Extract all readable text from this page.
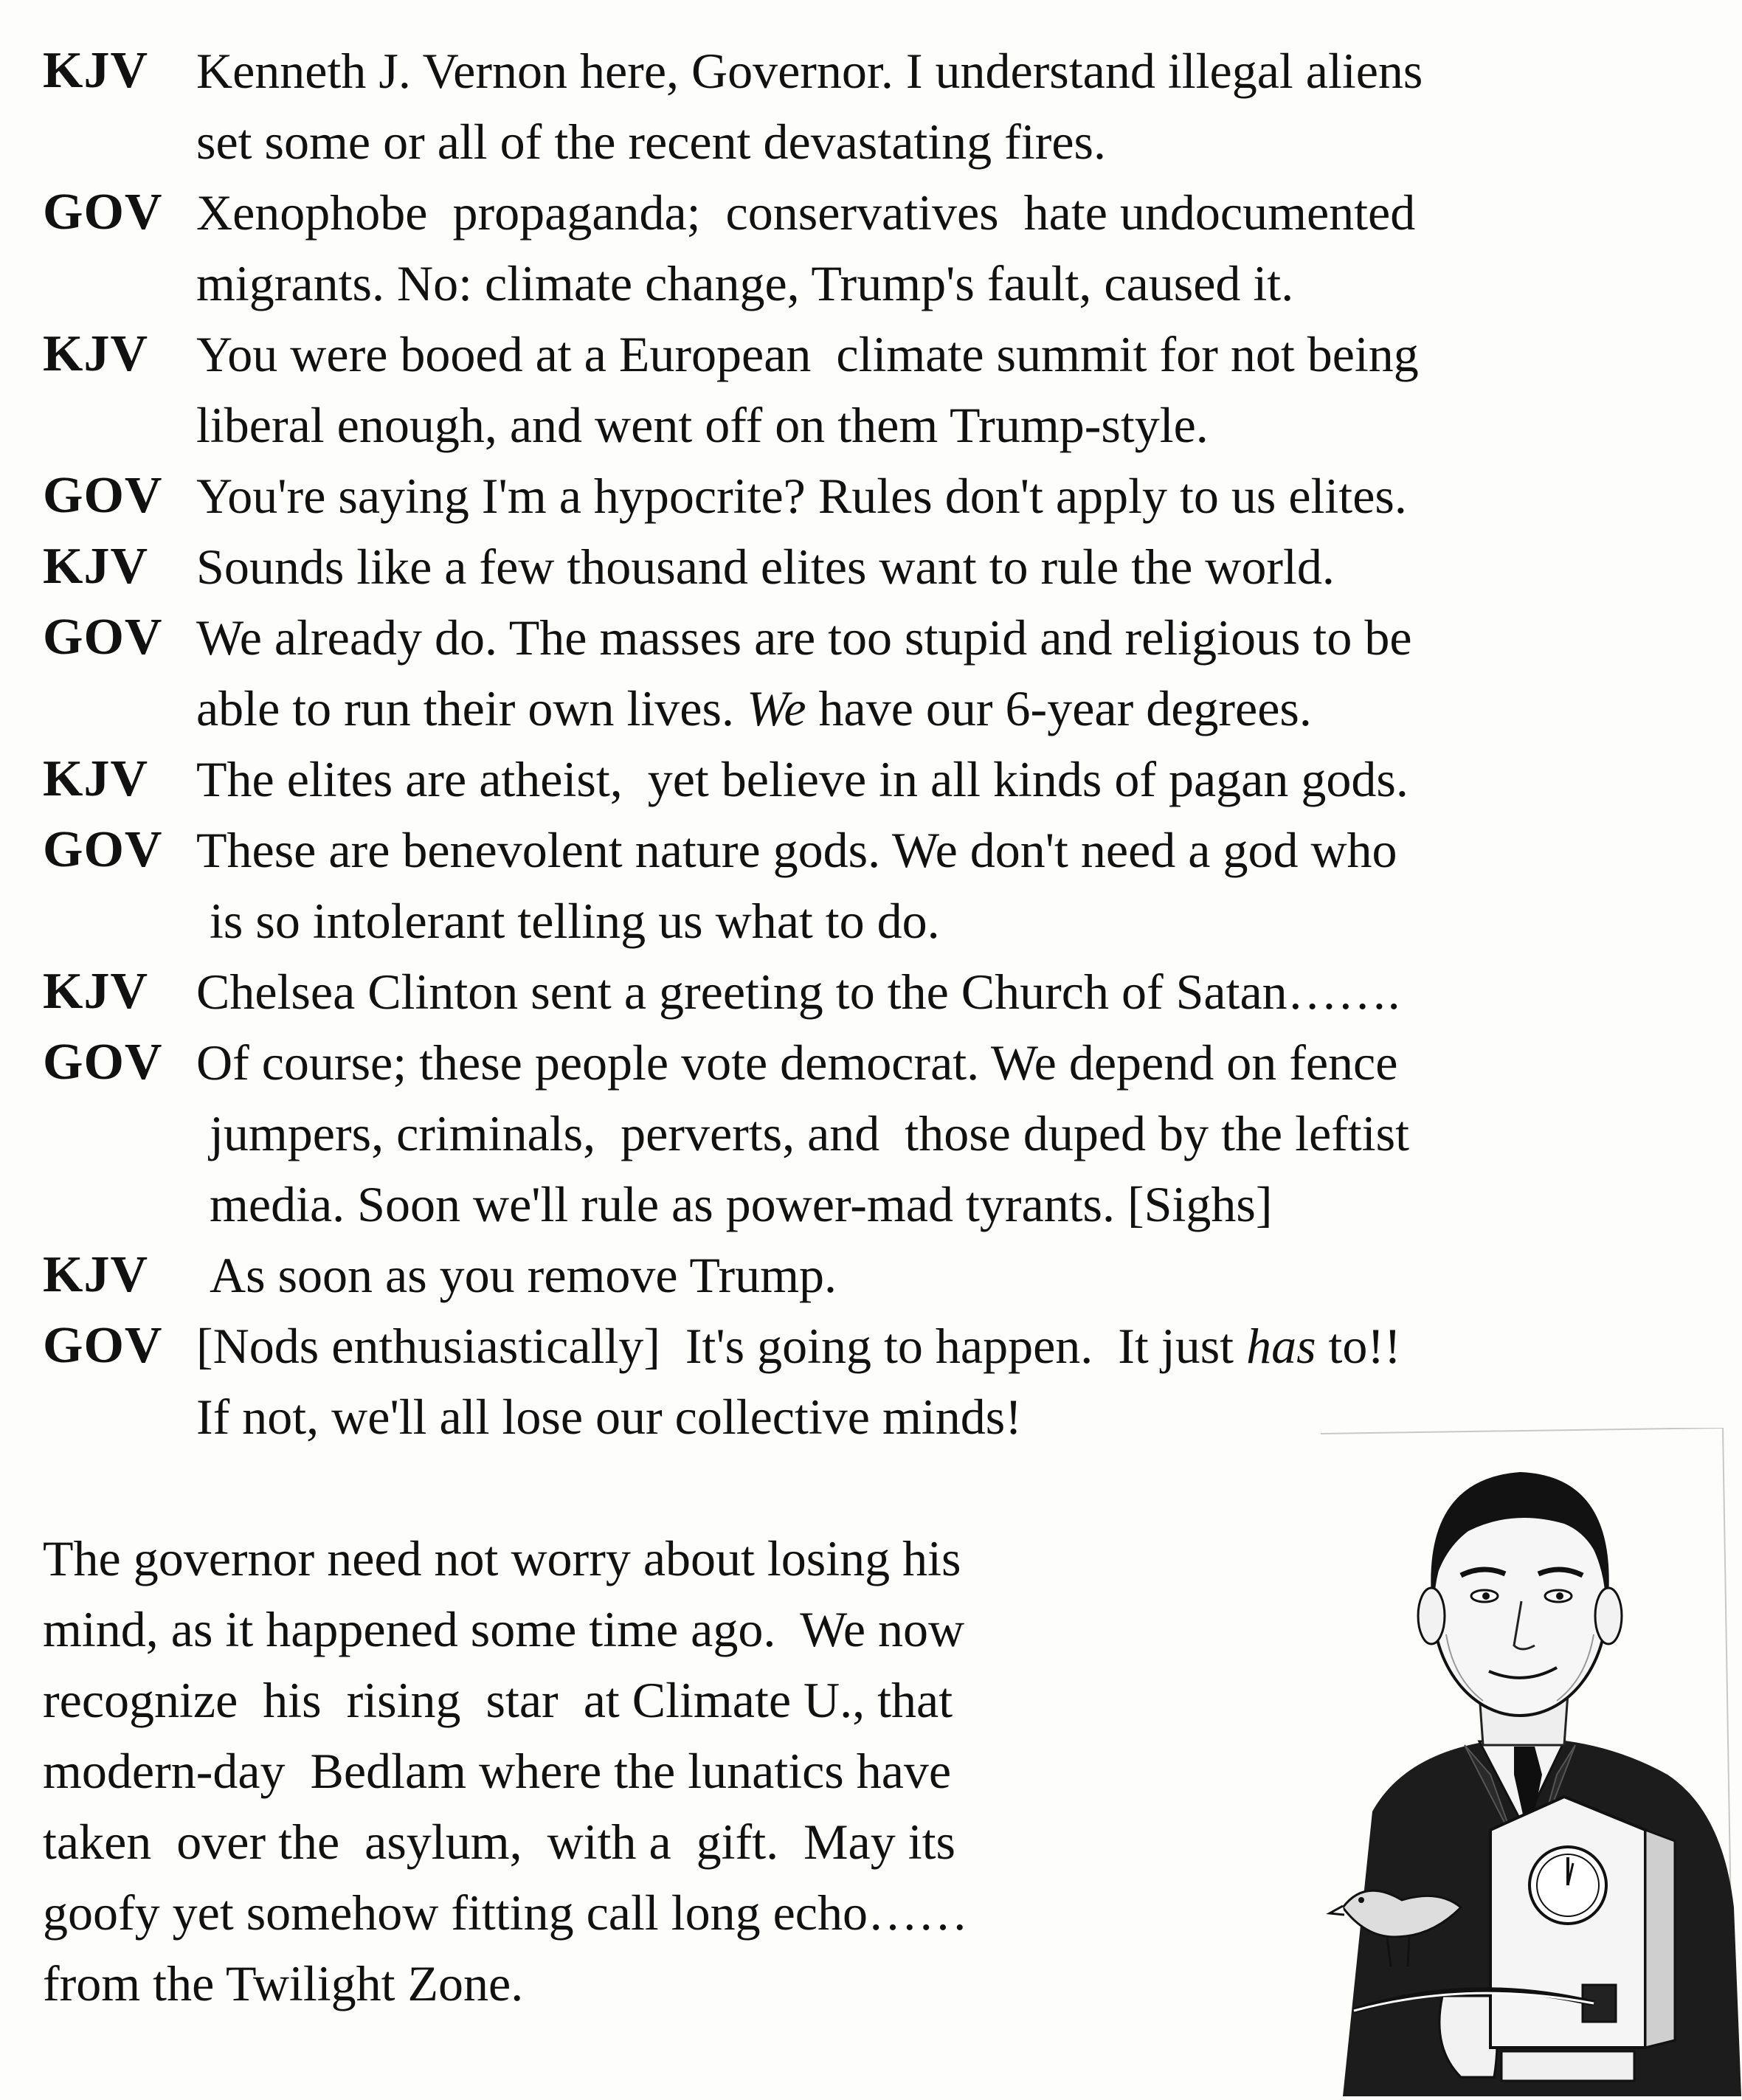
KJV Kenneth J. Vernon here, Governor. I understand illegal aliens
set some or all of the recent devastating fires.
GOV Xenophobe  propaganda;  conservatives  hate undocumented
migrants. No: climate change, Trump's fault, caused it.
KJV You were booed at a European  climate summit for not being
liberal enough, and went off on them Trump-style.
GOV You're saying I'm a hypocrite? Rules don't apply to us elites.
KJV Sounds like a few thousand elites want to rule the world.
GOV We already do. The masses are too stupid and religious to be
able to run their own lives. We have our 6-year degrees.
KJV The elites are atheist,  yet believe in all kinds of pagan gods.
GOV These are benevolent nature gods. We don't need a god who
is so intolerant telling us what to do.
KJV Chelsea Clinton sent a greeting to the Church of Satan…….
GOV Of course; these people vote democrat. We depend on fence
jumpers, criminals,  perverts, and  those duped by the leftist
media. Soon we'll rule as power-mad tyrants. [Sighs]
KJV	As soon as you remove Trump.
GOV [Nods enthusiastically]  It's going to happen.  It just has to!!
If not, we'll all lose our collective minds!
The governor need not worry about losing his
mind, as it happened some time ago.  We now
recognize  his  rising  star  at Climate U., that
modern-day  Bedlam where the lunatics have
taken  over the  asylum,  with a  gift.  May its
goofy yet somehow fitting call long echo……
from the Twilight Zone.
